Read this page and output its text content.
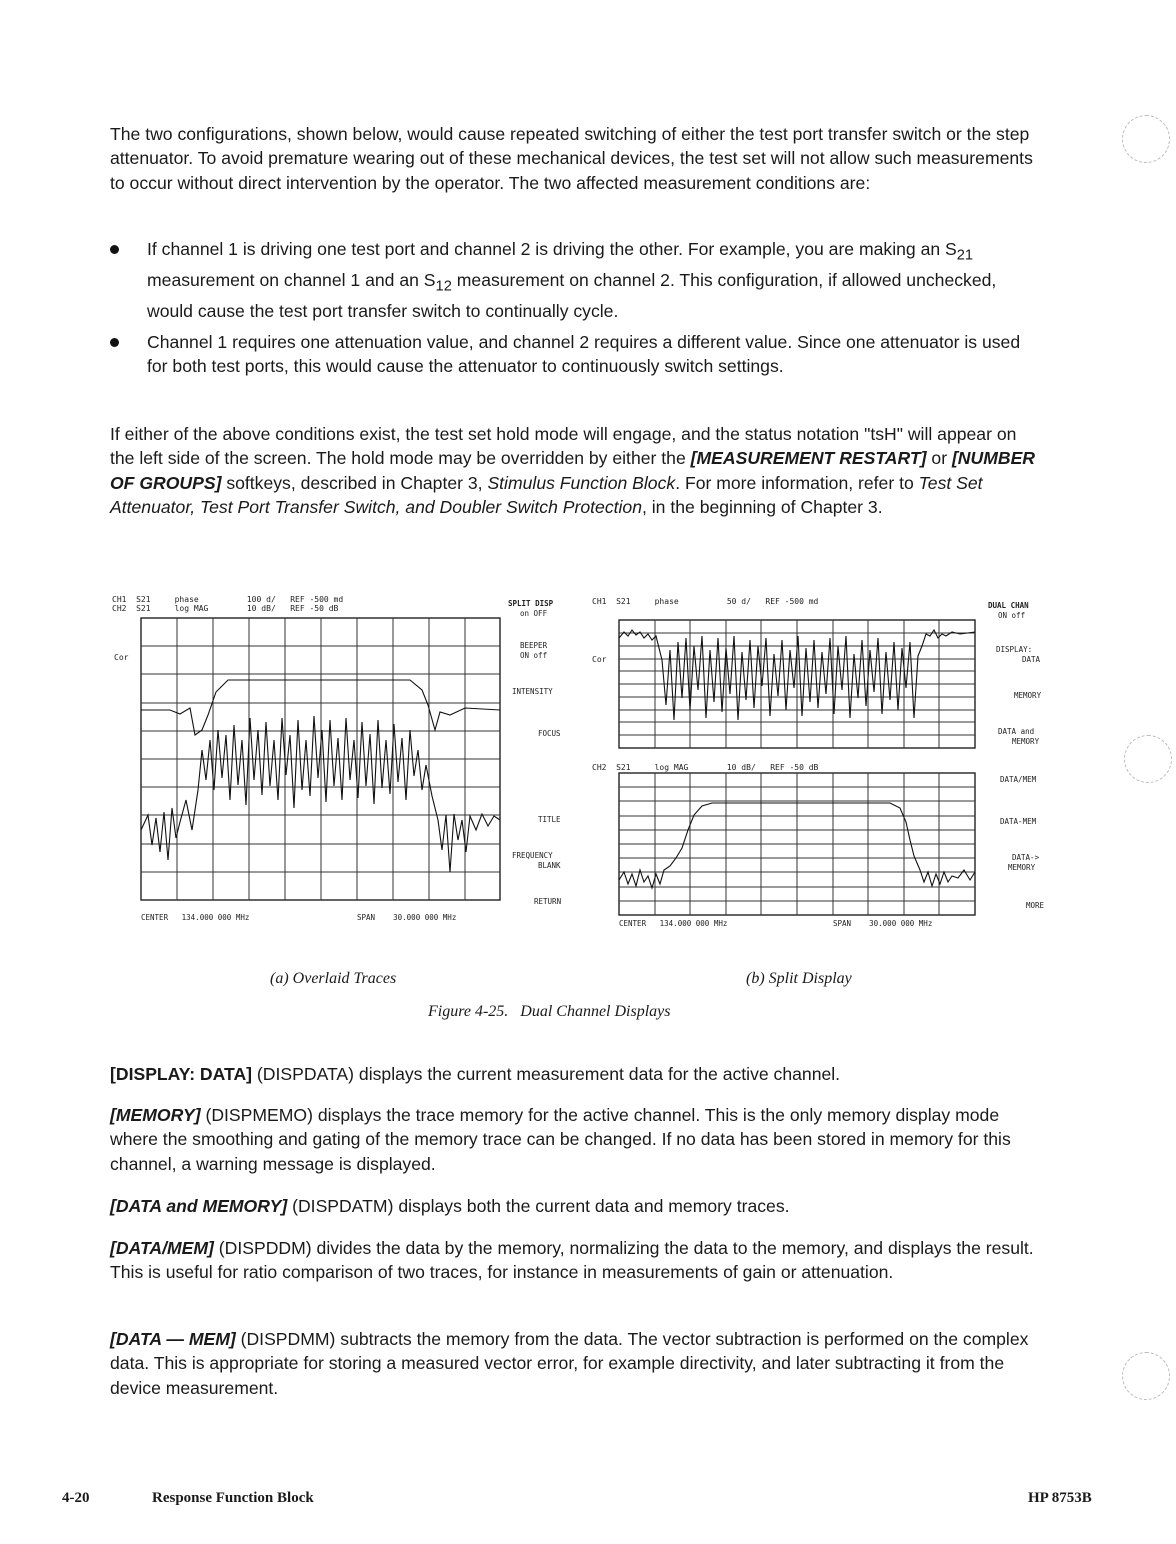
The two configurations, shown below, would cause repeated switching of either the test port transfer switch or the step attenuator. To avoid premature wearing out of these mechanical devices, the test set will not allow such measurements to occur without direct intervention by the operator. The two affected measurement conditions are:

If channel 1 is driving one test port and channel 2 is driving the other. For example, you are making an $S_{21}$ measurement on channel 1 and an $S_{12}$ measurement on channel 2. This configuration, if allowed unchecked, would cause the test port transfer switch to continually cycle.
Channel 1 requires one attenuation value, and channel 2 requires a different value. Since one attenuator is used for both test ports, this would cause the attenuator to continuously switch settings.

If either of the above conditions exist, the test set hold mode will engage, and the status notation "tsH" will appear on the left side of the screen. The hold mode may be overridden by either the [MEASUREMENT RESTART] or [NUMBER OF GROUPS] softkeys, described in Chapter 3, Stimulus Function Block. For more information, refer to Test Set Attenuator, Test Port Transfer Switch, and Doubler Switch Protection, in the beginning of Chapter 3.

CH1  S21     phase          100 d/   REF -500 md
CH2  S21     log MAG        10 dB/   REF -50 dB
Cor
CENTER   134.000 000 MHz	SPAN    30.000 000 MHz
SPLIT DISP
on OFF
BEEPER
ON off
INTENSITY
FOCUS
TITLE
FREQUENCY
BLANK
RETURN
CH1  S21     phase          50 d/   REF -500 md
Cor
CH2  S21     log MAG        10 dB/   REF -50 dB
CENTER   134.000 000 MHz	SPAN    30.000 000 MHz
DUAL CHAN
ON off
DISPLAY:
DATA
MEMORY
DATA and
MEMORY
DATA/MEM
DATA-MEM
DATA->
MEMORY
MORE
(a) Overlaid Traces	(b) Split Display
Figure 4-25.   Dual Channel Displays

[DISPLAY: DATA] (DISPDATA) displays the current measurement data for the active channel.

[MEMORY] (DISPMEMO) displays the trace memory for the active channel. This is the only memory display mode where the smoothing and gating of the memory trace can be changed. If no data has been stored in memory for this channel, a warning message is displayed.

[DATA and MEMORY] (DISPDATM) displays both the current data and memory traces.

[DATA/MEM] (DISPDDM) divides the data by the memory, normalizing the data to the memory, and displays the result. This is useful for ratio comparison of two traces, for instance in measurements of gain or attenuation.

[DATA — MEM] (DISPDMM) subtracts the memory from the data. The vector subtraction is performed on the complex data. This is appropriate for storing a measured vector error, for example directivity, and later subtracting it from the device measurement.

4-20	Response Function Block	HP 8753B
